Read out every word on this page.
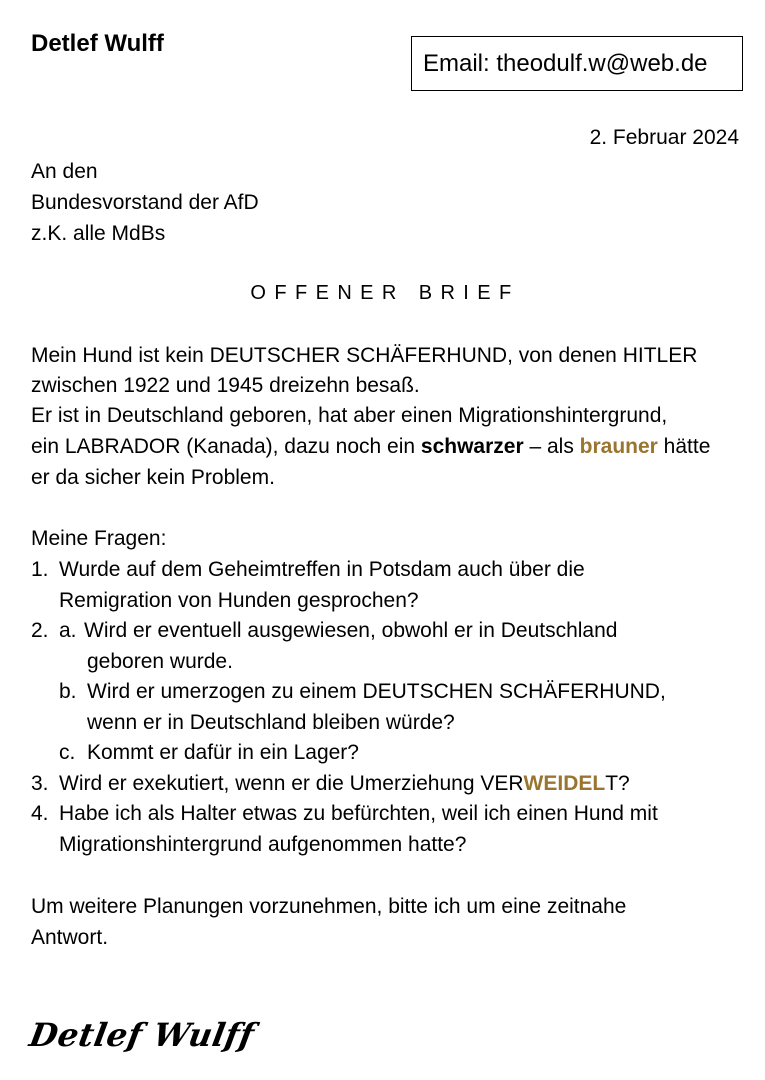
Detlef Wulff
Email: theodulf.w@web.de
2. Februar 2024
An den
Bundesvorstand der AfD
z.K. alle MdBs
OFFENER BRIEF
Mein Hund ist kein DEUTSCHER SCHÄFERHUND, von denen HITLER
zwischen 1922 und 1945 dreizehn besaß.
Er ist in Deutschland geboren, hat aber einen Migrationshintergrund,
ein LABRADOR (Kanada), dazu noch ein schwarzer – als brauner hätte
er da sicher kein Problem.
Meine Fragen:
1. Wurde auf dem Geheimtreffen in Potsdam auch über die
Remigration von Hunden gesprochen?
2. a. Wird er eventuell ausgewiesen, obwohl er in Deutschland
geboren wurde.
b. Wird er umerzogen zu einem DEUTSCHEN SCHÄFERHUND,
wenn er in Deutschland bleiben würde?
c. Kommt er dafür in ein Lager?
3. Wird er exekutiert, wenn er die Umerziehung VERWEIDELT?
4. Habe ich als Halter etwas zu befürchten, weil ich einen Hund mit
Migrationshintergrund aufgenommen hatte?
Um weitere Planungen vorzunehmen, bitte ich um eine zeitnahe
Antwort.
Detlef Wulff
